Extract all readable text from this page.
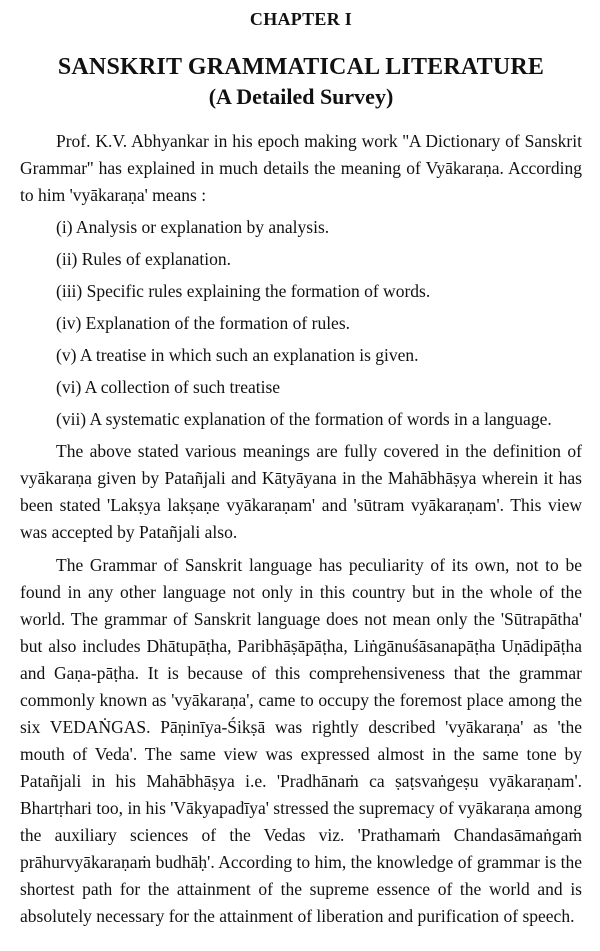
CHAPTER I
SANSKRIT GRAMMATICAL LITERATURE
(A Detailed Survey)

Prof. K.V. Abhyankar in his epoch making work ''A Dictionary of Sanskrit Grammar'' has explained in much details the meaning of Vyākaraṇa. According to him 'vyākaraṇa' means :

(i) Analysis or explanation by analysis.
(ii) Rules of explanation.
(iii) Specific rules explaining the formation of words.
(iv) Explanation of the formation of rules.
(v) A treatise in which such an explanation is given.
(vi) A collection of such treatise
(vii) A systematic explanation of the formation of words in a language.

The above stated various meanings are fully covered in the definition of vyākaraṇa given by Patañjali and Kātyāyana in the Mahābhāṣya wherein it has been stated 'Lakṣya lakṣaṇe vyākaraṇam' and 'sūtram vyākaraṇam'. This view was accepted by Patañjali also.

The Grammar of Sanskrit language has peculiarity of its own, not to be found in any other language not only in this country but in the whole of the world. The grammar of Sanskrit language does not mean only the 'Sūtrapātha' but also includes Dhātupāṭha, Paribhāṣāpāṭha, Liṅgānuśāsanapāṭha Uṇādipāṭha and Gaṇa-pāṭha. It is because of this comprehensiveness that the grammar commonly known as 'vyākaraṇa', came to occupy the foremost place among the six VEDAṄGAS. Pāṇinīya-Śikṣā was rightly described 'vyākaraṇa' as 'the mouth of Veda'. The same view was expressed almost in the same tone by Patañjali in his Mahābhāṣya i.e. 'Pradhānaṁ ca ṣaṭsvaṅgeṣu vyākaraṇam'. Bhartṛhari too, in his 'Vākyapadīya' stressed the supremacy of vyākaraṇa among the auxiliary sciences of the Vedas viz. 'Prathamaṁ Chandasāmaṅgaṁ prāhurvyākaraṇaṁ budhāḥ'. According to him, the knowledge of grammar is the shortest path for the attainment of the supreme essence of the world and is absolutely necessary for the attainment of liberation and purification of speech.
